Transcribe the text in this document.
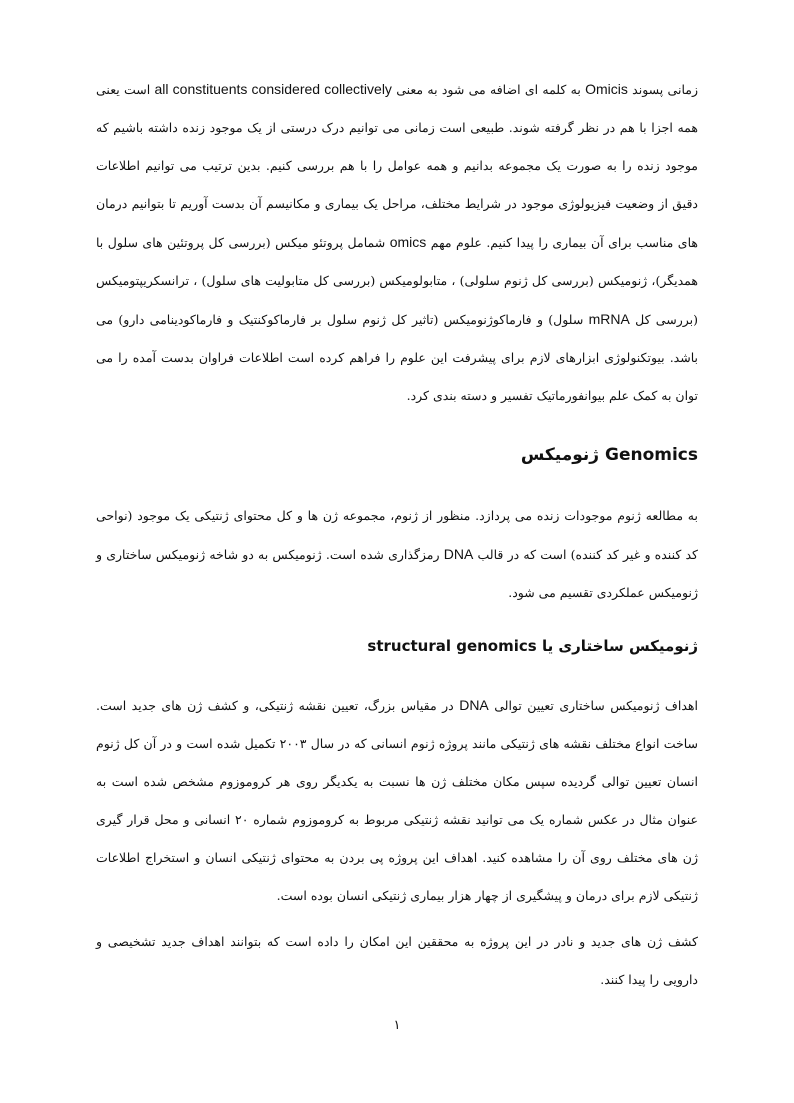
زمانی پسوند Omicis به کلمه ای اضافه می شود به معنی all constituents considered collectively است یعنی همه اجزا با هم در نظر گرفته شوند. طبیعی است زمانی می توانیم درک درستی از یک موجود زنده داشته باشیم که موجود زنده را به صورت یک مجموعه بدانیم و همه عوامل را با هم بررسی کنیم. بدین ترتیب می توانیم اطلاعات دقیق از وضعیت فیزیولوژی موجود در شرایط مختلف، مراحل یک بیماری و مکانیسم آن بدست آوریم تا بتوانیم درمان های مناسب برای آن بیماری را پیدا کنیم. علوم مهم omics شمامل پروتئو میکس (بررسی کل پروتئین های سلول با همدیگر)، ژنومیکس (بررسی کل ژنوم سلولی) ، متابولومیکس (بررسی کل متابولیت های سلول) ، ترانسکریپتومیکس (بررسی کل mRNA سلول) و فارماکوژنومیکس (تاثیر کل ژنوم سلول بر فارماکوکنتیک و فارماکودینامی دارو) می باشد. بیوتکنولوژی ابزارهای لازم برای پیشرفت این علوم را فراهم کرده است اطلاعات فراوان بدست آمده را می توان به کمک علم بیوانفورماتیک تفسیر و دسته بندی کرد.

Genomics ژنومیکس

به مطالعه ژنوم موجودات زنده می پردازد. منظور از ژنوم، مجموعه ژن ها و کل محتوای ژنتیکی یک موجود (نواحی کد کننده و غیر کد کننده) است که در قالب DNA رمزگذاری شده است. ژنومیکس به دو شاخه ژنومیکس ساختاری و ژنومیکس عملکردی تقسیم می شود.

ژنومیکس ساختاری یا structural genomics

اهداف ژنومیکس ساختاری تعیین توالی DNA در مقیاس بزرگ، تعیین نقشه ژنتیکی، و کشف ژن های جدید است. ساخت انواع مختلف نقشه های ژنتیکی مانند پروژه ژنوم انسانی که در سال ۲۰۰۳ تکمیل شده است و در آن کل ژنوم انسان تعیین توالی گردیده سپس مکان مختلف ژن ها نسبت به یکدیگر روی هر کروموزوم مشخص شده است به عنوان مثال در عکس شماره یک می توانید نقشه ژنتیکی مربوط به کروموزوم شماره ۲۰ انسانی و محل قرار گیری ژن های مختلف روی آن را مشاهده کنید. اهداف این پروژه پی بردن به محتوای ژنتیکی انسان و استخراج اطلاعات ژنتیکی لازم برای درمان و پیشگیری از چهار هزار بیماری ژنتیکی انسان بوده است.

کشف ژن های جدید و نادر در این پروژه به محققین این امکان را داده است که بتوانند اهداف جدید تشخیصی و دارویی را پیدا کنند.

۱
